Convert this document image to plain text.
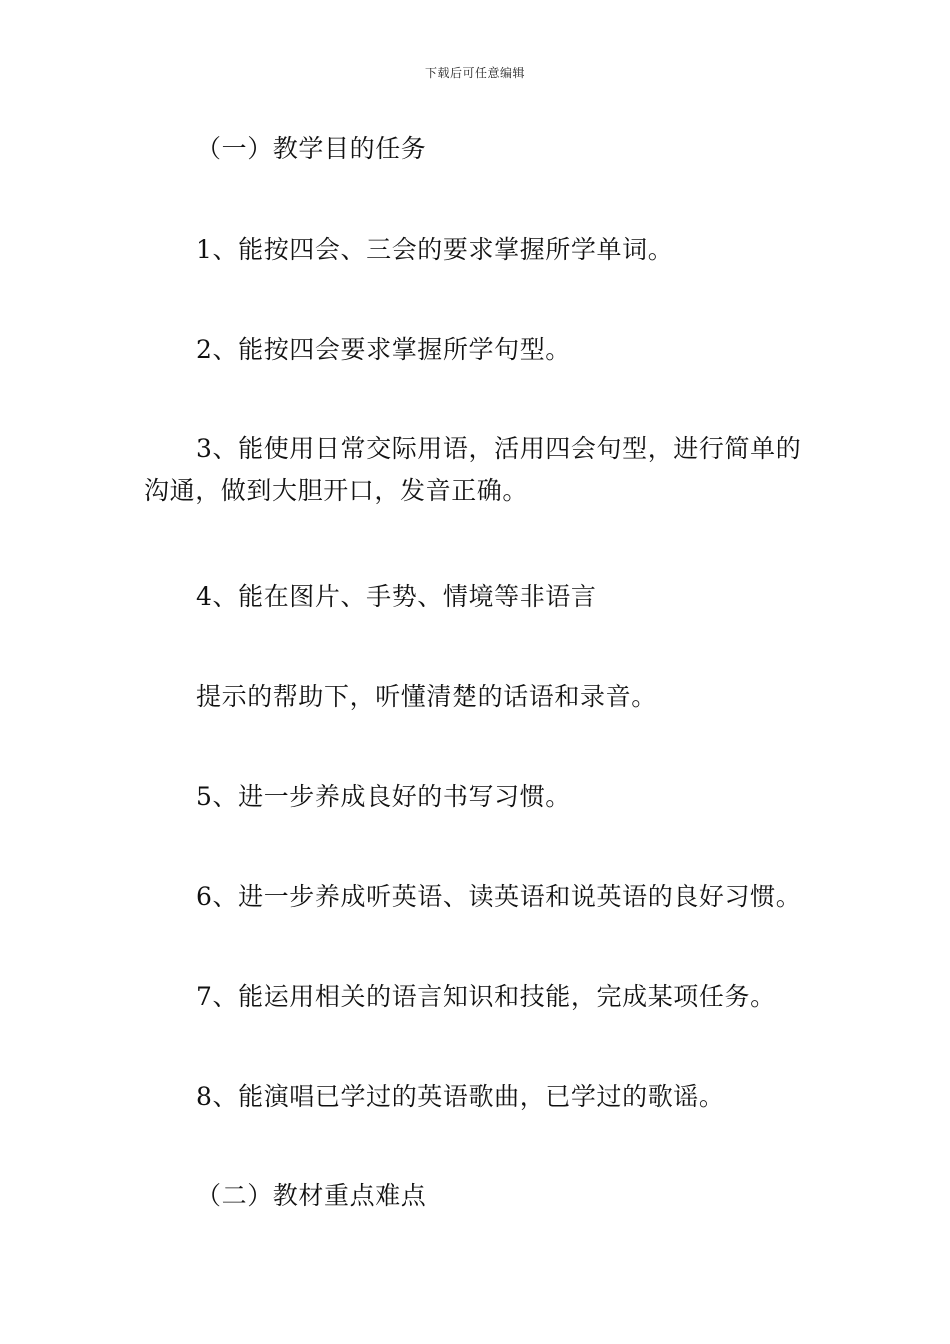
下载后可任意编辑
（一）教学目的任务
1、能按四会、三会的要求掌握所学单词。
2、能按四会要求掌握所学句型。
3、能使用日常交际用语，活用四会句型，进行简单的沟通，做到大胆开口，发音正确。
4、能在图片、手势、情境等非语言
提示的帮助下，听懂清楚的话语和录音。
5、进一步养成良好的书写习惯。
6、进一步养成听英语、读英语和说英语的良好习惯。
7、能运用相关的语言知识和技能，完成某项任务。
8、能演唱已学过的英语歌曲，已学过的歌谣。
（二）教材重点难点
